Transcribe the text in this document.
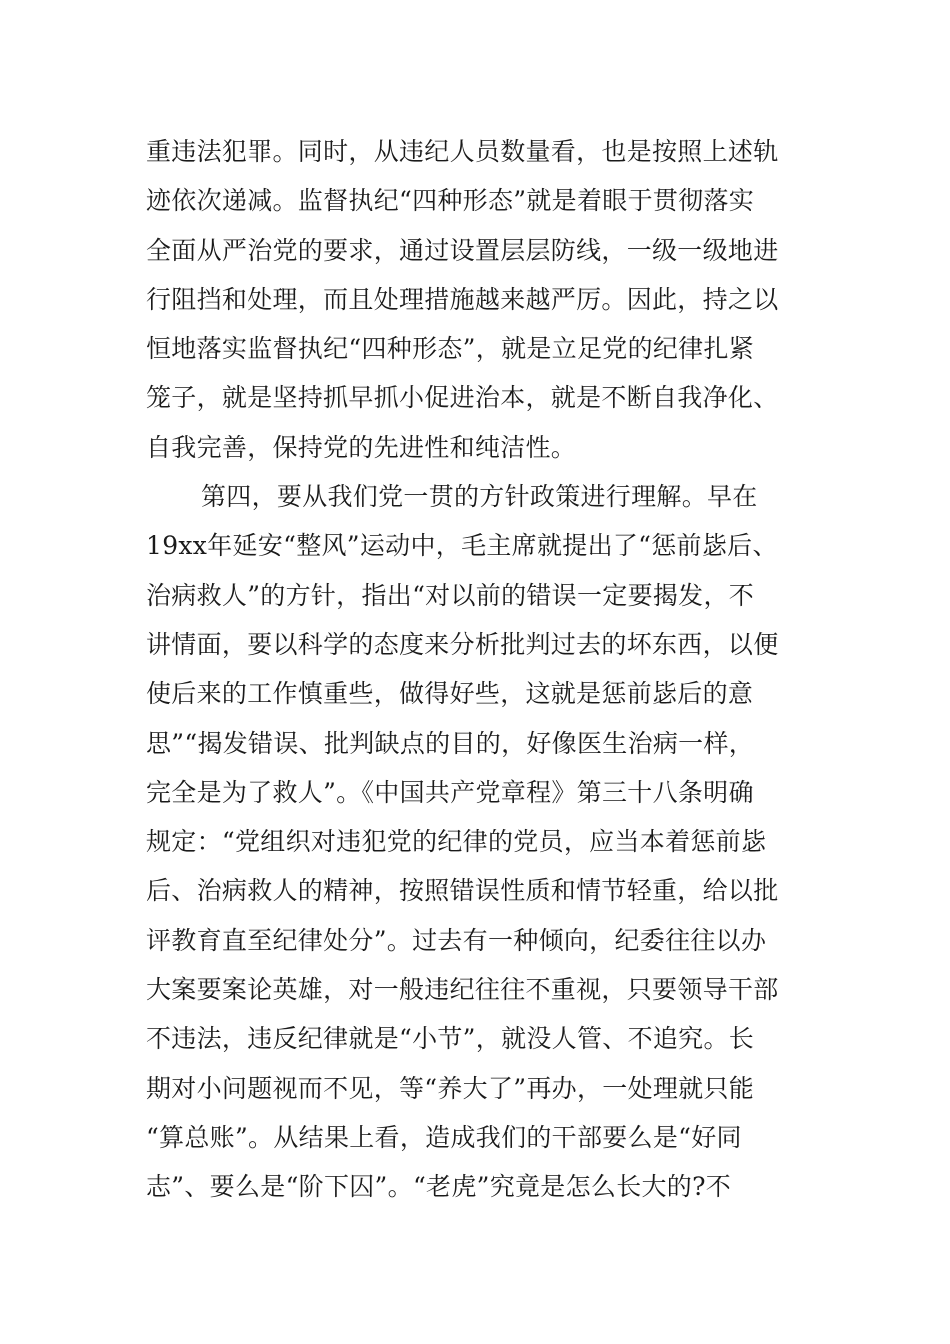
重违法犯罪。同时，从违纪人员数量看，也是按照上述轨
迹依次递减。监督执纪“四种形态”就是着眼于贯彻落实
全面从严治党的要求，通过设置层层防线，一级一级地进
行阻挡和处理，而且处理措施越来越严厉。因此，持之以
恒地落实监督执纪“四种形态”，就是立足党的纪律扎紧
笼子，就是坚持抓早抓小促进治本，就是不断自我净化、
自我完善，保持党的先进性和纯洁性。
第四，要从我们党一贯的方针政策进行理解。早在
19xx年延安“整风”运动中，毛主席就提出了“惩前毖后、
治病救人”的方针，指出“对以前的错误一定要揭发，不
讲情面，要以科学的态度来分析批判过去的坏东西，以便
使后来的工作慎重些，做得好些，这就是惩前毖后的意
思”“揭发错误、批判缺点的目的，好像医生治病一样，
完全是为了救人”。《中国共产党章程》第三十八条明确
规定：“党组织对违犯党的纪律的党员，应当本着惩前毖
后、治病救人的精神，按照错误性质和情节轻重，给以批
评教育直至纪律处分”。过去有一种倾向，纪委往往以办
大案要案论英雄，对一般违纪往往不重视，只要领导干部
不违法，违反纪律就是“小节”，就没人管、不追究。长
期对小问题视而不见，等“养大了”再办，一处理就只能
“算总账”。从结果上看，造成我们的干部要么是“好同
志”、要么是“阶下囚”。“老虎”究竟是怎么长大的?不
